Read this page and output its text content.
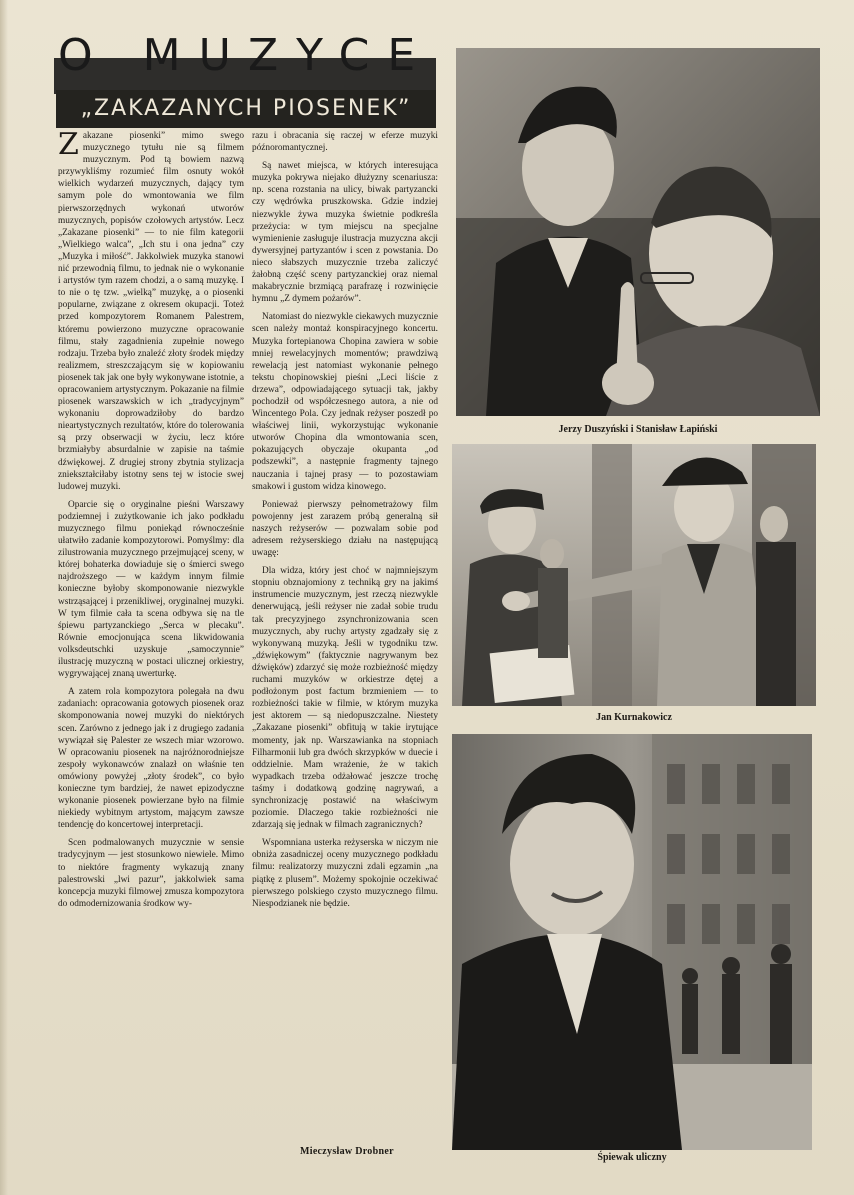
O MUZYCE
„ZAKAZANYCH PIOSENEK”

Zakazane piosenki” mimo swego muzycznego tytułu nie są filmem muzycznym. Pod tą bowiem nazwą przywykliśmy rozumieć film osnuty wokół wielkich wydarzeń muzycznych, dający tym samym pole do wmontowania we film pierwszorzędnych wykonań utworów muzycznych, popisów czołowych artystów. Lecz „Zakazane piosenki” — to nie film kategorii „Wielkiego walca”, „Ich stu i ona jedna” czy „Muzyka i miłość”. Jakkolwiek muzyka stanowi nić przewodnią filmu, to jednak nie o wykonanie i artystów tym razem chodzi, a o samą muzykę. I to nie o tę tzw. „wielką” muzykę, a o piosenki popularne, związane z okresem okupacji. Toteż przed kompozytorem Romanem Palestrem, któremu powierzono muzyczne opracowanie filmu, stały zagadnienia zupełnie nowego rodzaju. Trzeba było znaleźć złoty środek między realizmem, streszczającym się w kopiowaniu piosenek tak jak one były wykonywane istotnie, a opracowaniem artystycznym. Pokazanie na filmie piosenek warszawskich w ich „tradycyjnym” wykonaniu doprowadziłoby do bardzo nieartystycznych rezultatów, które do tolerowania są przy obserwacji w życiu, lecz które brzmiałyby absurdalnie w zapisie na taśmie dźwiękowej. Z drugiej strony zbytnia stylizacja zniekształciłaby istotny sens tej w istocie swej ludowej muzyki.

Oparcie się o oryginalne pieśni Warszawy podziemnej i zużytkowanie ich jako podkładu muzycznego filmu poniekąd równocześnie ułatwiło zadanie kompozytorowi. Pomyślmy: dla zilustrowania muzycznego przejmującej sceny, w której bohaterka dowiaduje się o śmierci swego najdroższego — w każdym innym filmie konieczne byłoby skomponowanie niezwykle wstrząsającej i przenikliwej, oryginalnej muzyki. W tym filmie cała ta scena odbywa się na tle śpiewu partyzanckiego „Serca w plecaku”. Równie emocjonująca scena likwidowania volksdeutschki uzyskuje „samoczynnie” ilustrację muzyczną w postaci ulicznej orkiestry, wygrywającej znaną uwerturkę.

A zatem rola kompozytora polegała na dwu zadaniach: opracowania gotowych piosenek oraz skomponowania nowej muzyki do niektórych scen. Zarówno z jednego jak i z drugiego zadania wywiązał się Palester ze wszech miar wzorowo. W opracowaniu piosenek na najróżnorodniejsze zespoły wykonawców znalazł on właśnie ten omówiony powyżej „złoty środek”, co było konieczne tym bardziej, że nawet epizodyczne wykonanie piosenek powierzane było na filmie niekiedy wybitnym artystom, mającym zawsze tendencję do koncertowej interpretacji.

Scen podmalowanych muzycznie w sensie tradycyjnym — jest stosunkowo niewiele. Mimo to niektóre fragmenty wykazują znany palestrowski „lwi pazur”, jakkolwiek sama koncepcja muzyki filmowej zmusza kompozytora do odmodernizowania środkow wy-

razu i obracania się raczej w eferze muzyki późnoromantycznej.

Są nawet miejsca, w których interesująca muzyka pokrywa niejako dłużyzny scenariusza: np. scena rozstania na ulicy, biwak partyzancki czy wędrówka pruszkowska. Gdzie indziej niezwykle żywa muzyka świetnie podkreśla przeżycia: w tym miejscu na specjalne wymienienie zasługuje ilustracja muzyczna akcji dywersyjnej partyzantów i scen z powstania. Do nieco słabszych muzycznie trzeba zaliczyć żałobną część sceny partyzanckiej oraz niemal makabrycznie brzmiącą parafrazę i rozwinięcie hymnu „Z dymem pożarów”.

Natomiast do niezwykle ciekawych muzycznie scen należy montaż konspiracyjnego koncertu. Muzyka fortepianowa Chopina zawiera w sobie mniej rewelacyjnych momentów; prawdziwą rewelacją jest natomiast wykonanie pełnego tekstu chopinowskiej pieśni „Leci liście z drzewa”, odpowiadającego sytuacji tak, jakby pochodził od współczesnego autora, a nie od Wincentego Pola. Czy jednak reżyser poszedł po właściwej linii, wykorzystując wykonanie utworów Chopina dla wmontowania scen, pokazujących obyczaje okupanta „od podszewki”, a następnie fragmenty tajnego nauczania i tajnej prasy — to pozostawiam smakowi i gustom widza kinowego.

Ponieważ pierwszy pełnometrażowy film powojenny jest zarazem próbą generalną sił naszych reżyserów — pozwalam sobie pod adresem reżyserskiego działu na następującą uwagę:

Dla widza, który jest choć w najmniejszym stopniu obznajomiony z techniką gry na jakimś instrumencie muzycznym, jest rzeczą niezwykle denerwującą, jeśli reżyser nie zadał sobie trudu tak precyzyjnego zsynchronizowania scen muzycznych, aby ruchy artysty zgadzały się z wykonywaną muzyką. Jeśli w tygodniku tzw. „dźwiękowym” (faktycznie nagrywanym bez dźwięków) zdarzyć się może rozbieżność między ruchami muzyków w orkiestrze dętej a podłożonym post factum brzmieniem — to rozbieżności takie w filmie, w którym muzyka jest aktorem — są niedopuszczalne. Niestety „Zakazane piosenki” obfitują w takie irytujące momenty, jak np. Warszawianka na stopniach Filharmonii lub gra dwóch skrzypków w duecie i oddzielnie. Mam wrażenie, że w takich wypadkach trzeba odżałować jeszcze trochę taśmy i dodatkową godzinę nagrywań, a synchronizację postawić na właściwym poziomie. Dlaczego takie rozbieżności nie zdarzają się jednak w filmach zagranicznych?

Wspomniana usterka reżyserska w niczym nie obniża zasadniczej oceny muzycznego podkładu filmu: realizatorzy muzyczni zdali egzamin „na piątkę z plusem”. Możemy spokojnie oczekiwać pierwszego polskiego czysto muzycznego filmu. Niespodzianek nie będzie.

Mieczysław Drobner
Jerzy Duszyński i Stanisław Łapiński
Jan Kurnakowicz
Śpiewak uliczny
